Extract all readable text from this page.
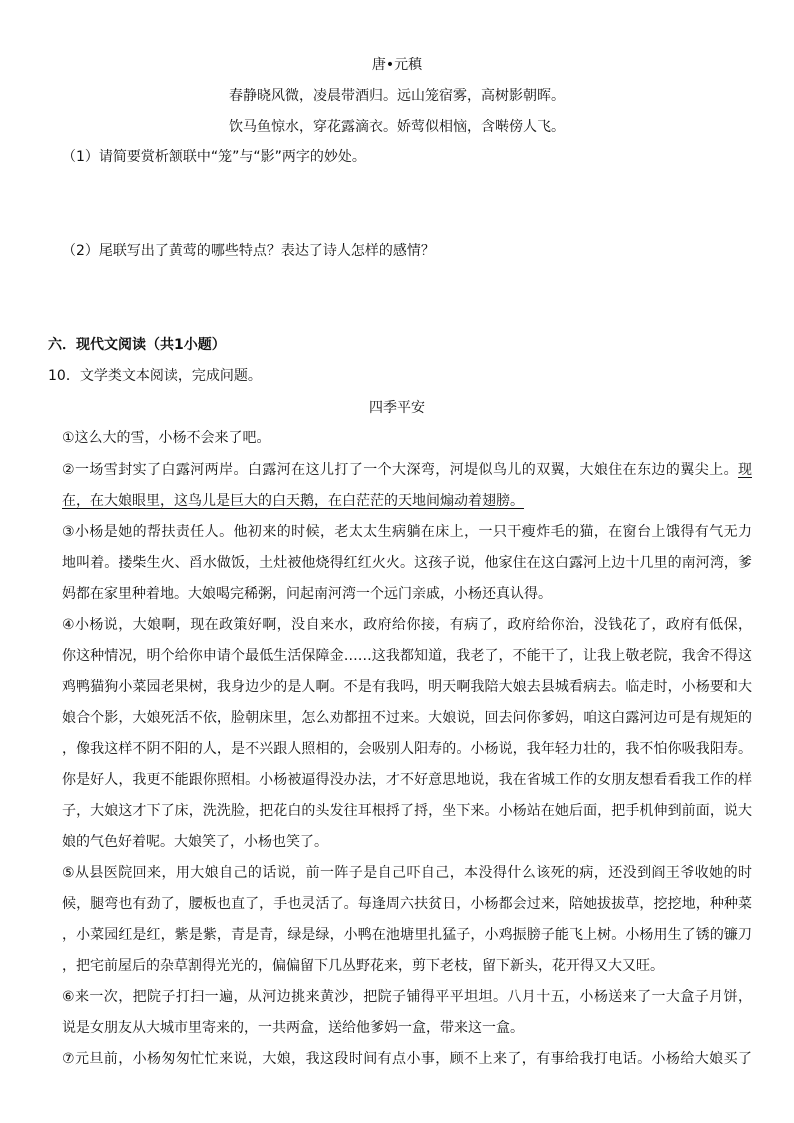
唐•元稹
春静晓风微，凌晨带酒归。远山笼宿雾，高树影朝晖。
饮马鱼惊水，穿花露滴衣。娇莺似相恼，含啭傍人飞。
（1）请简要赏析颔联中“笼”与“影”两字的妙处。
（2）尾联写出了黄莺的哪些特点？表达了诗人怎样的感情？
六．现代文阅读（共1小题）
10．文学类文本阅读，完成问题。
四季平安
①这么大的雪，小杨不会来了吧。
②一场雪封实了白露河两岸。白露河在这儿打了一个大深弯，河堤似鸟儿的双翼，大娘住在东边的翼尖上。现
在，在大娘眼里，这鸟儿是巨大的白天鹅，在白茫茫的天地间煽动着翅膀。
③小杨是她的帮扶责任人。他初来的时候，老太太生病躺在床上，一只干瘦炸毛的猫，在窗台上饿得有气无力
地叫着。搂柴生火、舀水做饭，土灶被他烧得红红火火。这孩子说，他家住在这白露河上边十几里的南河湾，爹
妈都在家里种着地。大娘喝完稀粥，问起南河湾一个远门亲戚，小杨还真认得。
④小杨说，大娘啊，现在政策好啊，没自来水，政府给你接，有病了，政府给你治，没钱花了，政府有低保，
你这种情况，明个给你申请个最低生活保障金……这我都知道，我老了，不能干了，让我上敬老院，我舍不得这
鸡鸭猫狗小菜园老果树，我身边少的是人啊。不是有我吗，明天啊我陪大娘去县城看病去。临走时，小杨要和大
娘合个影，大娘死活不依，脸朝床里，怎么劝都扭不过来。大娘说，回去问你爹妈，咱这白露河边可是有规矩的
，像我这样不阴不阳的人，是不兴跟人照相的，会吸别人阳寿的。小杨说，我年轻力壮的，我不怕你吸我阳寿。
你是好人，我更不能跟你照相。小杨被逼得没办法，才不好意思地说，我在省城工作的女朋友想看看我工作的样
子，大娘这才下了床，洗洗脸，把花白的头发往耳根捋了捋，坐下来。小杨站在她后面，把手机伸到前面，说大
娘的气色好着呢。大娘笑了，小杨也笑了。
⑤从县医院回来，用大娘自己的话说，前一阵子是自己吓自己，本没得什么该死的病，还没到阎王爷收她的时
候，腿弯也有劲了，腰板也直了，手也灵活了。每逢周六扶贫日，小杨都会过来，陪她拔拔草，挖挖地，种种菜
，小菜园红是红，紫是紫，青是青，绿是绿，小鸭在池塘里扎猛子，小鸡振膀子能飞上树。小杨用生了锈的镰刀
，把宅前屋后的杂草割得光光的，偏偏留下几丛野花来，剪下老枝，留下新头，花开得又大又旺。
⑥来一次，把院子打扫一遍，从河边挑来黄沙，把院子铺得平平坦坦。八月十五，小杨送来了一大盒子月饼，
说是女朋友从大城市里寄来的，一共两盒，送给他爹妈一盒，带来这一盒。
⑦元旦前，小杨匆匆忙忙来说，大娘，我这段时间有点小事，顾不上来了，有事给我打电话。小杨给大娘买了
